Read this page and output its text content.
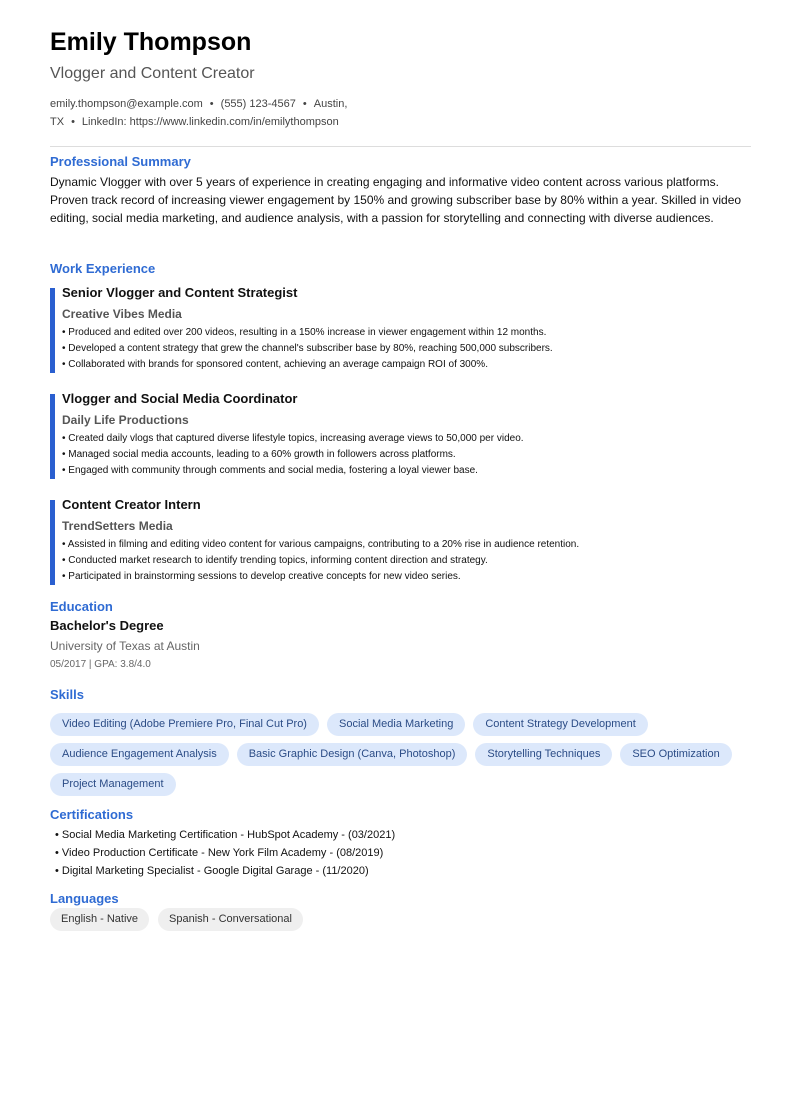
Emily Thompson
Vlogger and Content Creator
emily.thompson@example.com • (555) 123-4567 • Austin, TX • LinkedIn: https://www.linkedin.com/in/emilythompson
Professional Summary

Dynamic Vlogger with over 5 years of experience in creating engaging and informative video content across various platforms. Proven track record of increasing viewer engagement by 150% and growing subscriber base by 80% within a year. Skilled in video editing, social media marketing, and audience analysis, with a passion for storytelling and connecting with diverse audiences.

Work Experience
Senior Vlogger and Content Strategist
Creative Vibes Media
• Produced and edited over 200 videos, resulting in a 150% increase in viewer engagement within 12 months.
• Developed a content strategy that grew the channel's subscriber base by 80%, reaching 500,000 subscribers.
• Collaborated with brands for sponsored content, achieving an average campaign ROI of 300%.
Vlogger and Social Media Coordinator
Daily Life Productions
• Created daily vlogs that captured diverse lifestyle topics, increasing average views to 50,000 per video.
• Managed social media accounts, leading to a 60% growth in followers across platforms.
• Engaged with community through comments and social media, fostering a loyal viewer base.
Content Creator Intern
TrendSetters Media
• Assisted in filming and editing video content for various campaigns, contributing to a 20% rise in audience retention.
• Conducted market research to identify trending topics, informing content direction and strategy.
• Participated in brainstorming sessions to develop creative concepts for new video series.
Education
Bachelor's Degree
University of Texas at Austin
05/2017 | GPA: 3.8/4.0
Skills
Video Editing (Adobe Premiere Pro, Final Cut Pro)	Social Media Marketing	Content Strategy Development
Audience Engagement Analysis	Basic Graphic Design (Canva, Photoshop)	Storytelling Techniques	SEO Optimization
Project Management
Certifications
• Social Media Marketing Certification - HubSpot Academy - (03/2021)
• Video Production Certificate - New York Film Academy - (08/2019)
• Digital Marketing Specialist - Google Digital Garage - (11/2020)
Languages
English - Native	Spanish - Conversational
